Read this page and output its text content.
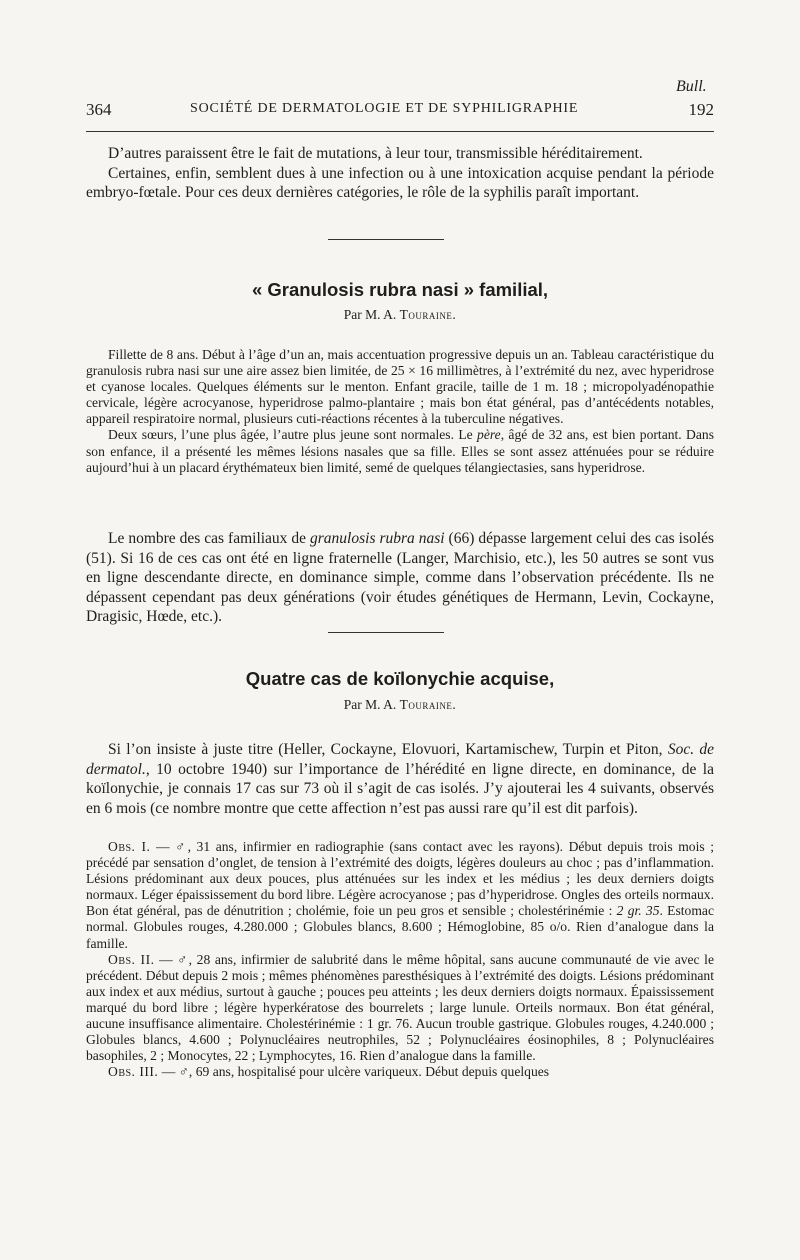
Bull.
364	SOCIÉTÉ DE DERMATOLOGIE ET DE SYPHILIGRAPHIE	192

D’autres paraissent être le fait de mutations, à leur tour, transmissible héréditairement.

Certaines, enfin, semblent dues à une infection ou à une intoxication acquise pendant la période embryo-fœtale. Pour ces deux dernières catégories, le rôle de la syphilis paraît important.

« Granulosis rubra nasi » familial,
Par M. A. Touraine.

Fillette de 8 ans. Début à l’âge d’un an, mais accentuation progressive depuis un an. Tableau caractéristique du granulosis rubra nasi sur une aire assez bien limitée, de 25 × 16 millimètres, à l’extrémité du nez, avec hyperidrose et cyanose locales. Quelques éléments sur le menton. Enfant gracile, taille de 1 m. 18 ; micropolyadénopathie cervicale, légère acrocyanose, hyperidrose palmo-plantaire ; mais bon état général, pas d’antécédents notables, appareil respiratoire normal, plusieurs cuti-réactions récentes à la tuberculine négatives.

Deux sœurs, l’une plus âgée, l’autre plus jeune sont normales. Le père, âgé de 32 ans, est bien portant. Dans son enfance, il a présenté les mêmes lésions nasales que sa fille. Elles se sont assez atténuées pour se réduire aujourd’hui à un placard érythémateux bien limité, semé de quelques télangiectasies, sans hyperidrose.

Le nombre des cas familiaux de granulosis rubra nasi (66) dépasse largement celui des cas isolés (51). Si 16 de ces cas ont été en ligne fraternelle (Langer, Marchisio, etc.), les 50 autres se sont vus en ligne descendante directe, en dominance simple, comme dans l’observation précédente. Ils ne dépassent cependant pas deux générations (voir études génétiques de Hermann, Levin, Cockayne, Dragisic, Hœde, etc.).

Quatre cas de koïlonychie acquise,
Par M. A. Touraine.

Si l’on insiste à juste titre (Heller, Cockayne, Elovuori, Kartamischew, Turpin et Piton, Soc. de dermatol., 10 octobre 1940) sur l’importance de l’hérédité en ligne directe, en dominance, de la koïlonychie, je connais 17 cas sur 73 où il s’agit de cas isolés. J’y ajouterai les 4 suivants, observés en 6 mois (ce nombre montre que cette affection n’est pas aussi rare qu’il est dit parfois).

Obs. I. — ♂, 31 ans, infirmier en radiographie (sans contact avec les rayons). Début depuis trois mois ; précédé par sensation d’onglet, de tension à l’extrémité des doigts, légères douleurs au choc ; pas d’inflammation. Lésions prédominant aux deux pouces, plus atténuées sur les index et les médius ; les deux derniers doigts normaux. Léger épaississement du bord libre. Légère acrocyanose ; pas d’hyperidrose. Ongles des orteils normaux. Bon état général, pas de dénutrition ; cholémie, foie un peu gros et sensible ; cholestérinémie : 2 gr. 35. Estomac normal. Globules rouges, 4.280.000 ; Globules blancs, 8.600 ; Hémoglobine, 85 o/o. Rien d’analogue dans la famille.

Obs. II. — ♂, 28 ans, infirmier de salubrité dans le même hôpital, sans aucune communauté de vie avec le précédent. Début depuis 2 mois ; mêmes phénomènes paresthésiques à l’extrémité des doigts. Lésions prédominant aux index et aux médius, surtout à gauche ; pouces peu atteints ; les deux derniers doigts normaux. Épaississement marqué du bord libre ; légère hyperkératose des bourrelets ; large lunule. Orteils normaux. Bon état général, aucune insuffisance alimentaire. Cholestérinémie : 1 gr. 76. Aucun trouble gastrique. Globules rouges, 4.240.000 ; Globules blancs, 4.600 ; Polynucléaires neutrophiles, 52 ; Polynucléaires éosinophiles, 8 ; Polynucléaires basophiles, 2 ; Monocytes, 22 ; Lymphocytes, 16. Rien d’analogue dans la famille.

Obs. III. — ♂, 69 ans, hospitalisé pour ulcère variqueux. Début depuis quelques
